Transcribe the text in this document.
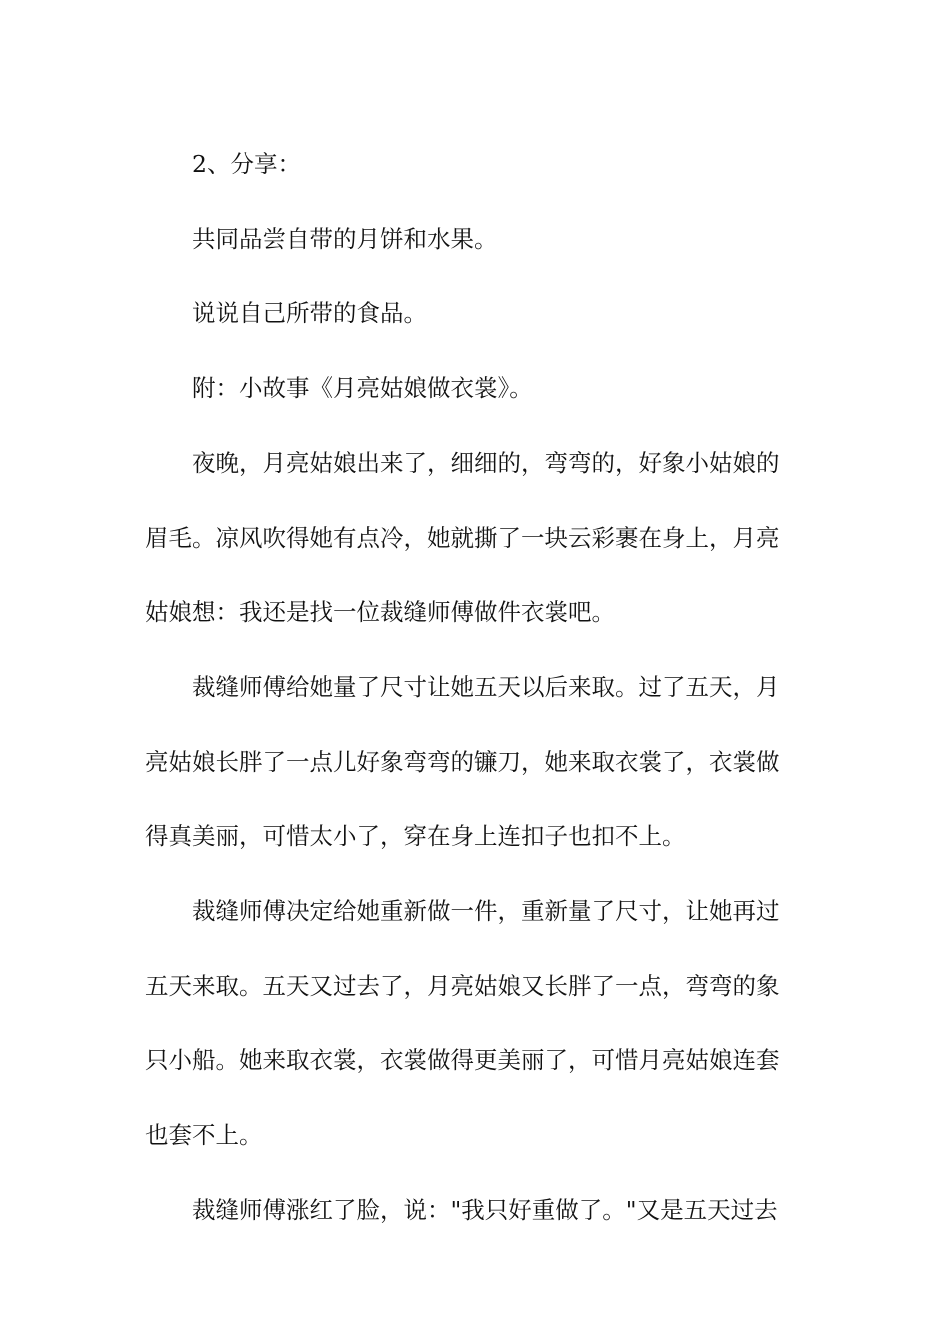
2、分享：
共同品尝自带的月饼和水果。
说说自己所带的食品。
附：小故事《月亮姑娘做衣裳》。
夜晚，月亮姑娘出来了，细细的，弯弯的，好象小姑娘的
眉毛。凉风吹得她有点冷，她就撕了一块云彩裹在身上，月亮
姑娘想：我还是找一位裁缝师傅做件衣裳吧。
裁缝师傅给她量了尺寸让她五天以后来取。过了五天，月
亮姑娘长胖了一点儿好象弯弯的镰刀，她来取衣裳了，衣裳做
得真美丽，可惜太小了，穿在身上连扣子也扣不上。
裁缝师傅决定给她重新做一件，重新量了尺寸，让她再过
五天来取。五天又过去了，月亮姑娘又长胖了一点，弯弯的象
只小船。她来取衣裳，衣裳做得更美丽了，可惜月亮姑娘连套
也套不上。
裁缝师傅涨红了脸，说："我只好重做了。"又是五天过去
